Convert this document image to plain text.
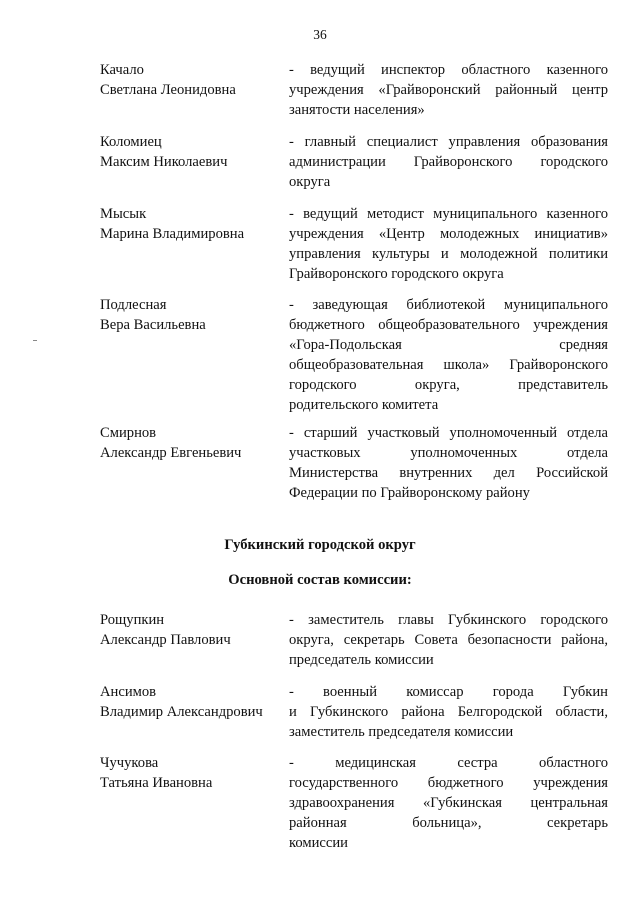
36
Качало
Светлана Леонидовна
- ведущий инспектор областного казенного
учреждения «Грайворонский районный центр
занятости населения»
Коломиец
Максим Николаевич
- главный специалист управления образования
администрации Грайворонского городского
округа
Мысык
Марина Владимировна
- ведущий методист муниципального казенного
учреждения «Центр молодежных инициатив»
управления культуры и молодежной политики
Грайворонского городского округа
Подлесная
Вера Васильевна
- заведующая библиотекой муниципального
бюджетного общеобразовательного учреждения
«Гора-Подольская средняя
общеобразовательная школа» Грайворонского
городского округа, представитель
родительского комитета
Смирнов
Александр Евгеньевич
- старший участковый уполномоченный отдела
участковых уполномоченных отдела
Министерства внутренних дел Российской
Федерации по Грайворонскому району
Губкинский городской округ
Основной состав комиссии:
Рощупкин
Александр Павлович
- заместитель главы Губкинского городского
округа, секретарь Совета безопасности района,
председатель комиссии
Ансимов
Владимир Александрович
- военный комиссар города Губкин
и Губкинского района Белгородской области,
заместитель председателя комиссии
Чучукова
Татьяна Ивановна
- медицинская сестра областного
государственного бюджетного учреждения
здравоохранения «Губкинская центральная
районная больница», секретарь
комиссии
